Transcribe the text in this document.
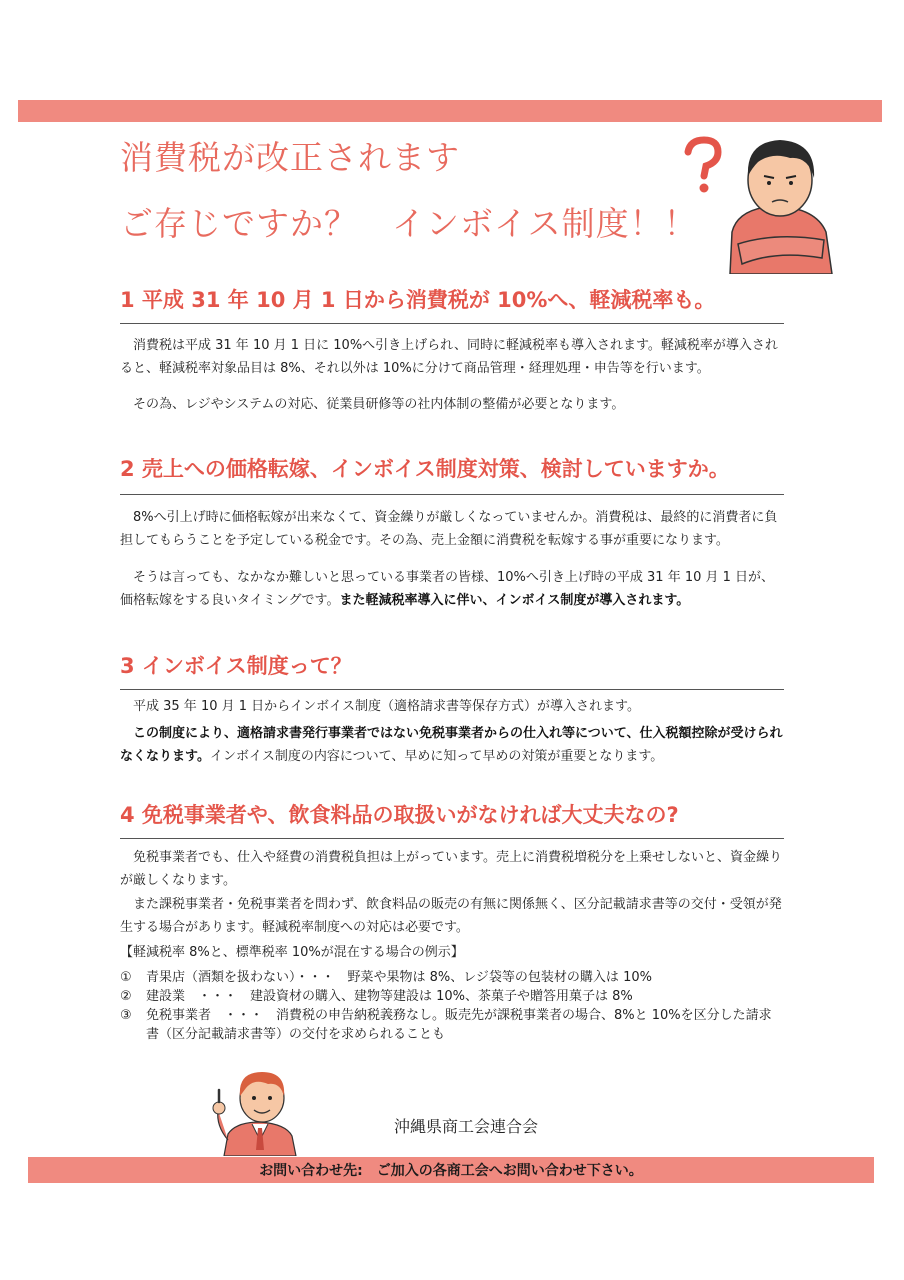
消費税が改正されます
ご存じですか？　インボイス制度！！
1 平成 31 年 10 月 1 日から消費税が 10%へ、軽減税率も。
消費税は平成 31 年 10 月 1 日に 10%へ引き上げられ、同時に軽減税率も導入されます。軽減税率が導入されると、軽減税率対象品目は 8%、それ以外は 10%に分けて商品管理・経理処理・申告等を行います。
その為、レジやシステムの対応、従業員研修等の社内体制の整備が必要となります。
2 売上への価格転嫁、インボイス制度対策、検討していますか。
8%へ引上げ時に価格転嫁が出来なくて、資金繰りが厳しくなっていませんか。消費税は、最終的に消費者に負担してもらうことを予定している税金です。その為、売上金額に消費税を転嫁する事が重要になります。
そうは言っても、なかなか難しいと思っている事業者の皆様、10%へ引き上げ時の平成 31 年 10 月 1 日が、価格転嫁をする良いタイミングです。また軽減税率導入に伴い、インボイス制度が導入されます。
3 インボイス制度って？
平成 35 年 10 月 1 日からインボイス制度（適格請求書等保存方式）が導入されます。
この制度により、適格請求書発行事業者ではない免税事業者からの仕入れ等について、仕入税額控除が受けられなくなります。インボイス制度の内容について、早めに知って早めの対策が重要となります。
4 免税事業者や、飲食料品の取扱いがなければ大丈夫なの?
免税事業者でも、仕入や経費の消費税負担は上がっています。売上に消費税増税分を上乗せしないと、資金繰りが厳しくなります。
また課税事業者・免税事業者を問わず、飲食料品の販売の有無に関係無く、区分記載請求書等の交付・受領が発生する場合があります。軽減税率制度への対応は必要です。
【軽減税率 8%と、標準税率 10%が混在する場合の例示】
①	青果店（酒類を扱わない）・・・　野菜や果物は 8%、レジ袋等の包装材の購入は 10%
②	建設業　・・・　建設資材の購入、建物等建設は 10%、茶菓子や贈答用菓子は 8%
③	免税事業者　・・・　消費税の申告納税義務なし。販売先が課税事業者の場合、8%と 10%を区分した請求書（区分記載請求書等）の交付を求められることも
沖縄県商工会連合会
お問い合わせ先:　ご加入の各商工会へお問い合わせ下さい。
